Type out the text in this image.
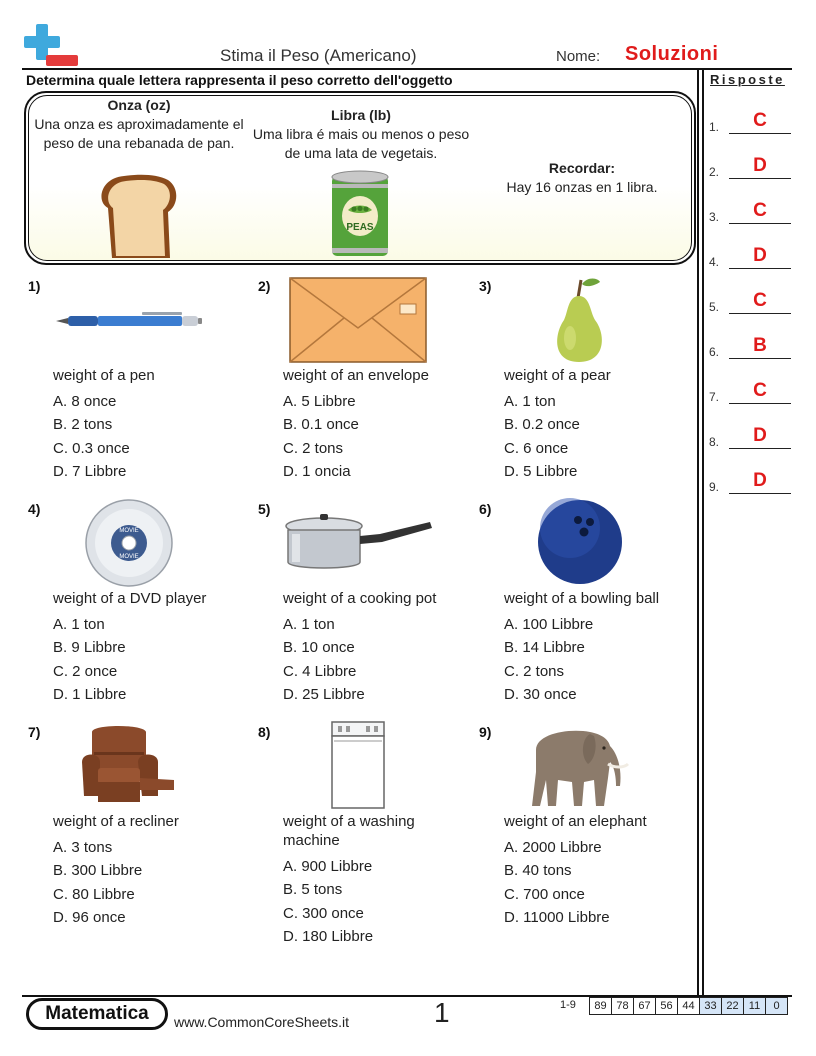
Stima il Peso (Americano)	Nome: Soluzioni
Determina quale lettera rappresenta il peso corretto dell'oggetto	Risposte
1.	C
2.	D
3.	C
4.	D
5.	C
6.	B
7.	C
8.	D
9.	D
Onza (oz)
Una onza es aproximadamente el peso de una rebanada de pan.
Libra (lb)
Uma libra é mais ou menos o peso de uma lata de vegetais.
PEAS
Recordar:
Hay 16 onzas en 1 libra.
1)
weight of a pen
A. 8 once
B. 2 tons
C. 0.3 once
D. 7 Libbre
2)
weight of an envelope
A. 5 Libbre
B. 0.1 once
C. 2 tons
D. 1 oncia
3)
weight of a pear
A. 1 ton
B. 0.2 once
C. 6 once
D. 5 Libbre
4)
MOVIE
MOVIE
weight of a DVD player
A. 1 ton
B. 9 Libbre
C. 2 once
D. 1 Libbre
5)
weight of a cooking pot
A. 1 ton
B. 10 once
C. 4 Libbre
D. 25 Libbre
6)
weight of a bowling ball
A. 100 Libbre
B. 14 Libbre
C. 2 tons
D. 30 once
7)
weight of a recliner
A. 3 tons
B. 300 Libbre
C. 80 Libbre
D. 96 once
8)
weight of a washing machine
A. 900 Libbre
B. 5 tons
C. 300 once
D. 180 Libbre
9)
weight of an elephant
A. 2000 Libbre
B. 40 tons
C. 700 once
D. 11000 Libbre
Matematica	www.CommonCoreSheets.it	1	1-9 89	78	67	56	44	33	22	11	0
